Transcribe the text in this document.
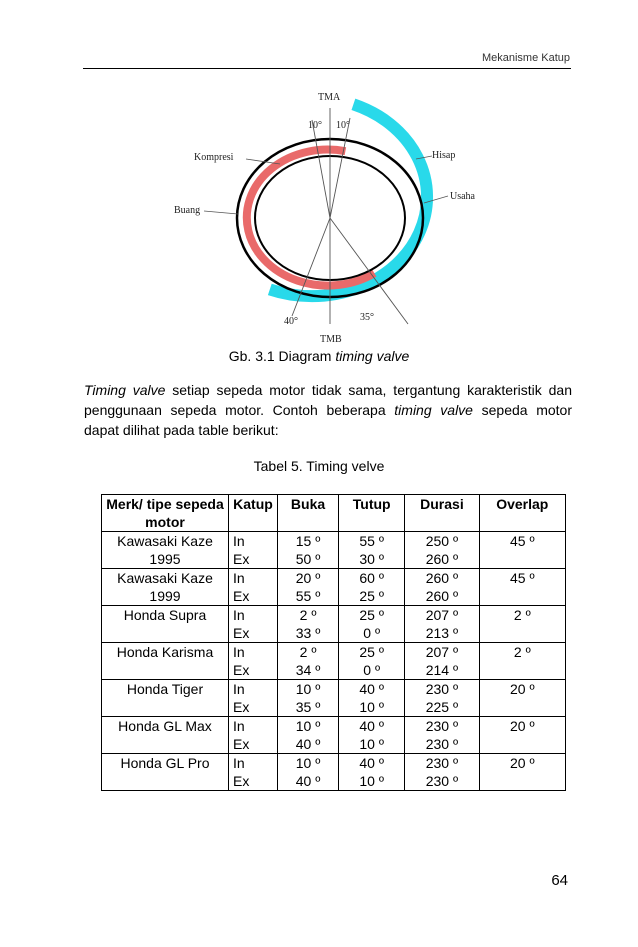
Mekanisme Katup
TMA
10° 10°
Kompresi	Hisap
Buang
Usaha
40°	35°
TMB
Gb. 3.1 Diagram timing valve
Timing valve setiap sepeda motor tidak sama, tergantung karakteristik dan penggunaan sepeda motor. Contoh beberapa timing valve sepeda motor dapat dilihat pada table berikut:
Tabel 5. Timing velve
Merk/ tipe sepeda motor	Katup	Buka	Tutup	Durasi	Overlap
Kawasaki Kaze 1995	In	15 º	55 º	250 º	45 º
	Ex	50 º	30 º	260 º	
Kawasaki Kaze 1999	In	20 º	60 º	260 º	45 º
	Ex	55 º	25 º	260 º	
Honda Supra	In	2 º	25 º	207 º	2 º
	Ex	33 º	0 º	213 º	
Honda Karisma	In	2 º	25 º	207 º	2 º
	Ex	34 º	0 º	214 º	
Honda Tiger	In	10 º	40 º	230 º	20 º
	Ex	35 º	10 º	225 º	
Honda GL Max	In	10 º	40 º	230 º	20 º
	Ex	40 º	10 º	230 º	
Honda GL Pro	In	10 º	40 º	230 º	20 º
	Ex	40 º	10 º	230 º	
64
